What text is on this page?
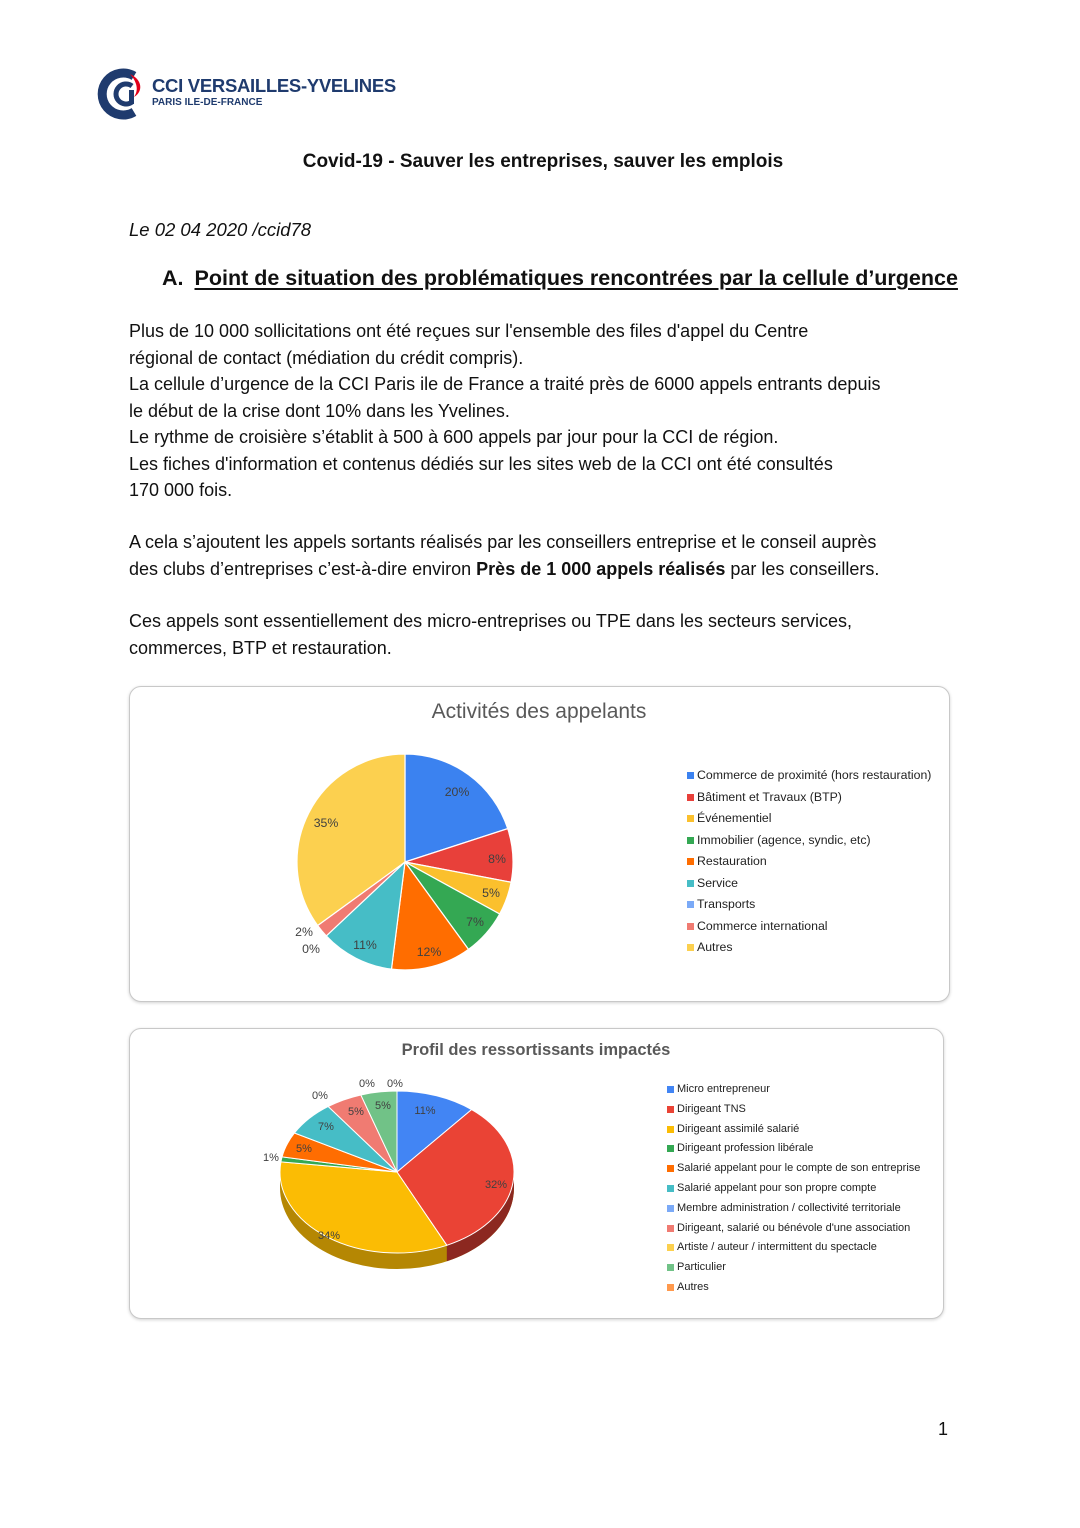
CCI VERSAILLES-YVELINES
PARIS ILE-DE-FRANCE
Covid-19 - Sauver les entreprises, sauver les emplois
Le 02 04 2020 /ccid78
A. Point de situation des problématiques rencontrées par la cellule d’urgence
Plus de 10 000 sollicitations ont été reçues sur l'ensemble des files d'appel du Centre
régional de contact (médiation du crédit compris).
La cellule d’urgence de la CCI Paris ile de France a traité près de 6000 appels entrants depuis
le début de la crise dont 10% dans les Yvelines.
Le rythme de croisière s’établit à 500 à 600 appels par jour pour la CCI de région.
Les fiches d'information et contenus dédiés sur les sites web de la CCI ont été consultés
170 000 fois.
A cela s’ajoutent les appels sortants réalisés par les conseillers entreprise et le conseil auprès
des clubs d’entreprises c’est-à-dire environ Près de 1 000 appels réalisés par les conseillers.
Ces appels sont essentiellement des micro-entreprises ou TPE dans les secteurs services,
commerces, BTP et restauration.
Activités des appelants
20%
8%
5%
7%
12%
11%
0%
2%
35%
Commerce de proximité (hors restauration)
Bâtiment et Travaux (BTP)
Événementiel
Immobilier (agence, syndic, etc)
Restauration
Service
Transports
Commerce international
Autres
Profil des ressortissants impactés
11%
32%
34%
1%
5%
7%
0%
5%
0%
5%
0%	Micro entrepreneur
Dirigeant TNS
Dirigeant assimilé salarié
Dirigeant profession libérale
Salarié appelant pour le compte de son entreprise
Salarié appelant pour son propre compte
Membre administration / collectivité territoriale
Dirigeant, salarié ou bénévole d'une association
Artiste / auteur / intermittent du spectacle
Particulier
Autres
1
